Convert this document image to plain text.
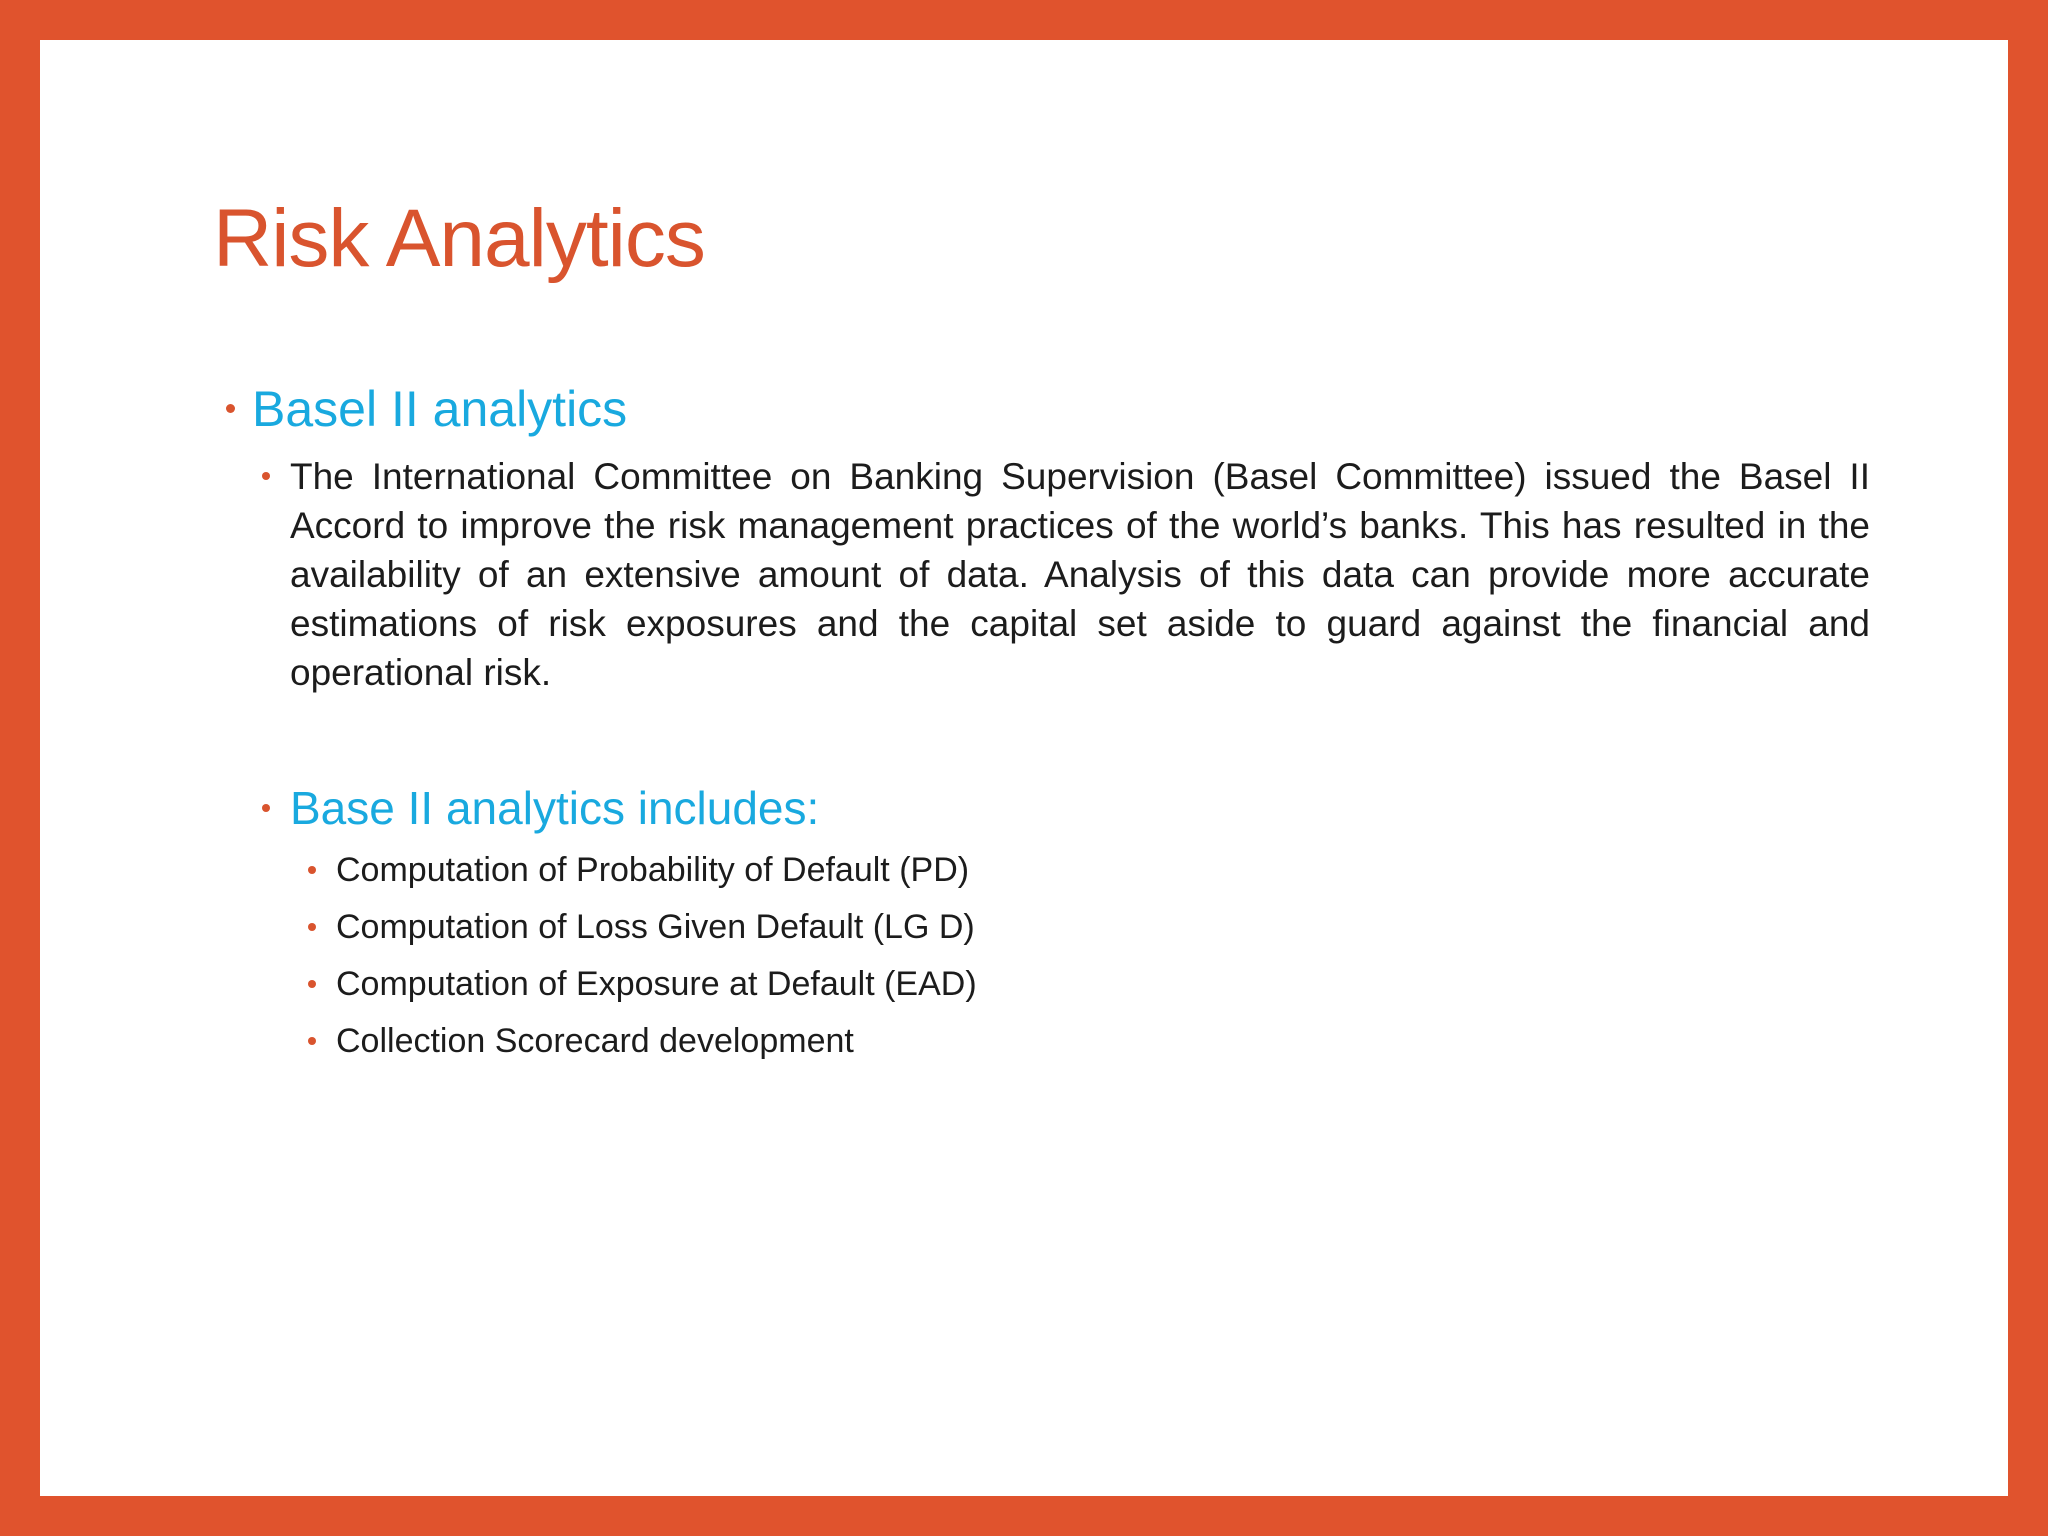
Risk Analytics
Basel II analytics

The International Committee on Banking Supervision (Basel Committee) issued the Basel II Accord to improve the risk management practices of the world’s banks. This has resulted in the availability of an extensive amount of data. Analysis of this data can provide more accurate estimations of risk exposures and the capital set aside to guard against the financial and operational risk.

Base II analytics includes:
Computation of Probability of Default (PD)
Computation of Loss Given Default (LG D)
Computation of Exposure at Default (EAD)
Collection Scorecard development
